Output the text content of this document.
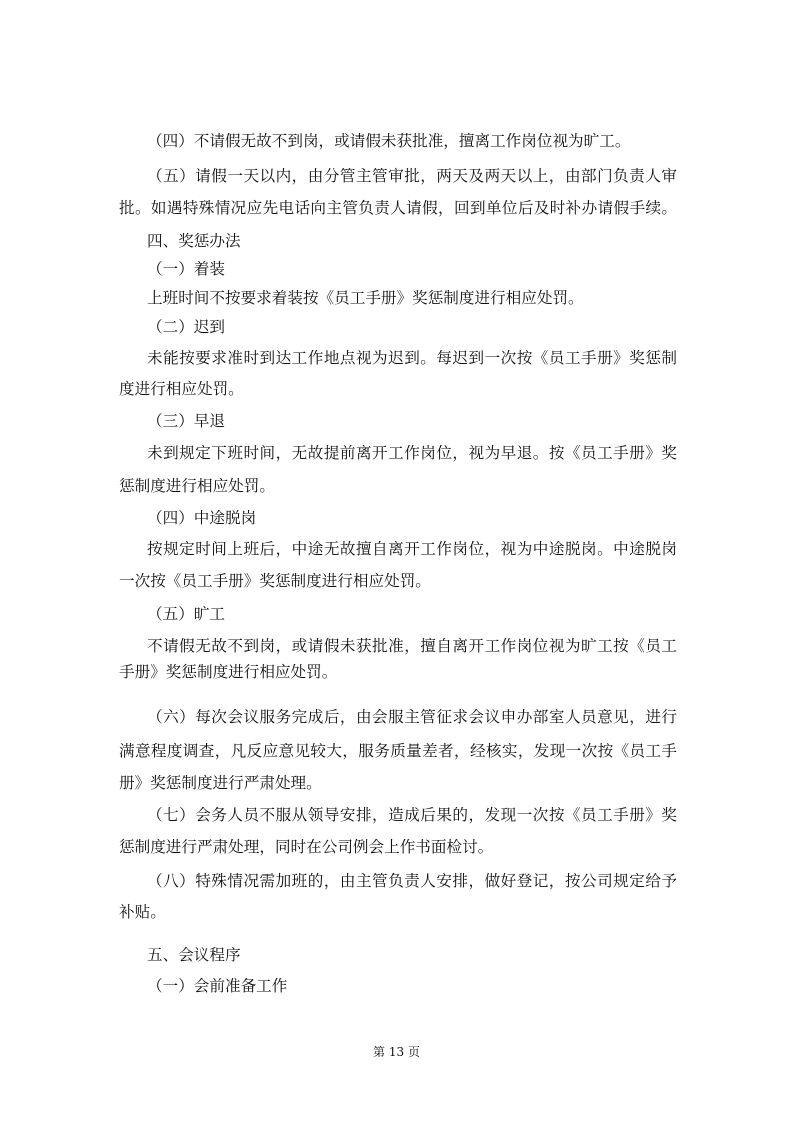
（四）不请假无故不到岗，或请假未获批准，擅离工作岗位视为旷工。
（五）请假一天以内，由分管主管审批，两天及两天以上，由部门负责人审
批。如遇特殊情况应先电话向主管负责人请假，回到单位后及时补办请假手续。
四、奖惩办法
（一）着装
上班时间不按要求着装按《员工手册》奖惩制度进行相应处罚。
（二）迟到
未能按要求准时到达工作地点视为迟到。每迟到一次按《员工手册》奖惩制
度进行相应处罚。
（三）早退
未到规定下班时间，无故提前离开工作岗位，视为早退。按《员工手册》奖
惩制度进行相应处罚。
（四）中途脱岗
按规定时间上班后，中途无故擅自离开工作岗位，视为中途脱岗。中途脱岗
一次按《员工手册》奖惩制度进行相应处罚。
（五）旷工
不请假无故不到岗，或请假未获批准，擅自离开工作岗位视为旷工按《员工
手册》奖惩制度进行相应处罚。
（六）每次会议服务完成后，由会服主管征求会议申办部室人员意见，进行
满意程度调查，凡反应意见较大，服务质量差者，经核实，发现一次按《员工手
册》奖惩制度进行严肃处理。
（七）会务人员不服从领导安排，造成后果的，发现一次按《员工手册》奖
惩制度进行严肃处理，同时在公司例会上作书面检讨。
（八）特殊情况需加班的，由主管负责人安排，做好登记，按公司规定给予
补贴。
五、会议程序
（一）会前准备工作
第 13 页
